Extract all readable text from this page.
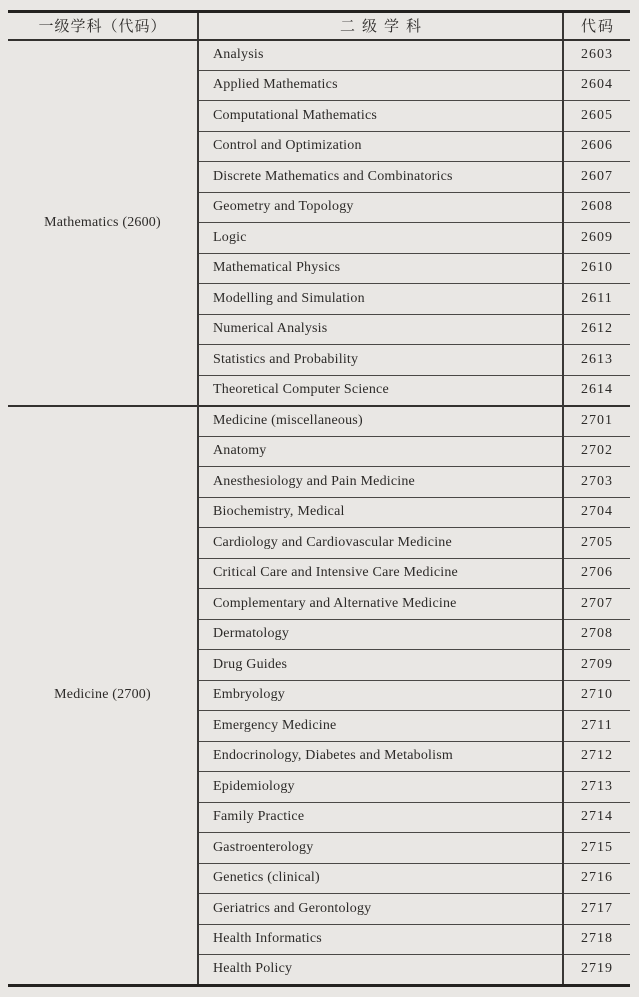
一级学科（代码）	二级学科	代码
Mathematics (2600)	Analysis	2603
	Applied Mathematics	2604
	Computational Mathematics	2605
	Control and Optimization	2606
	Discrete Mathematics and Combinatorics	2607
	Geometry and Topology	2608
	Logic	2609
	Mathematical Physics	2610
	Modelling and Simulation	2611
	Numerical Analysis	2612
	Statistics and Probability	2613
	Theoretical Computer Science	2614
Medicine (2700)	Medicine (miscellaneous)	2701
	Anatomy	2702
	Anesthesiology and Pain Medicine	2703
	Biochemistry, Medical	2704
	Cardiology and Cardiovascular Medicine	2705
	Critical Care and Intensive Care Medicine	2706
	Complementary and Alternative Medicine	2707
	Dermatology	2708
	Drug Guides	2709
	Embryology	2710
	Emergency Medicine	2711
	Endocrinology, Diabetes and Metabolism	2712
	Epidemiology	2713
	Family Practice	2714
	Gastroenterology	2715
	Genetics (clinical)	2716
	Geriatrics and Gerontology	2717
	Health Informatics	2718
	Health Policy	2719
